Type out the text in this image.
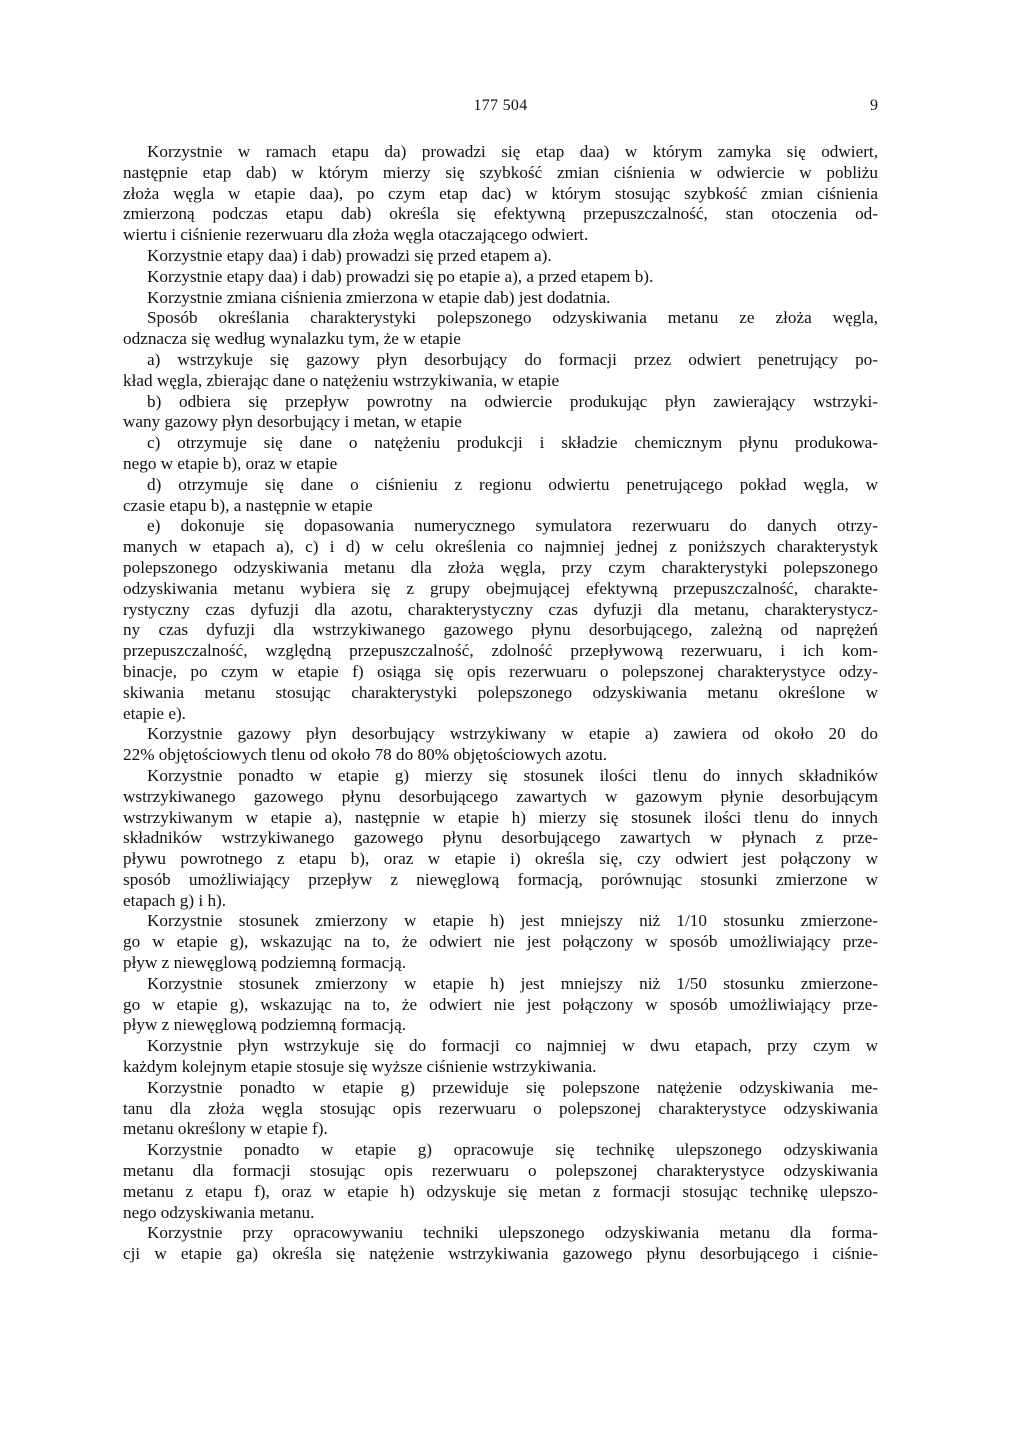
177 504	9
Korzystnie w ramach etapu da) prowadzi się etap daa) w którym zamyka się odwiert,
następnie etap dab) w którym mierzy się szybkość zmian ciśnienia w odwiercie w pobliżu
złoża węgla w etapie daa), po czym etap dac) w którym stosując szybkość zmian ciśnienia
zmierzoną podczas etapu dab) określa się efektywną przepuszczalność, stan otoczenia od-
wiertu i ciśnienie rezerwuaru dla złoża węgla otaczającego odwiert.
Korzystnie etapy daa) i dab) prowadzi się przed etapem a).
Korzystnie etapy daa) i dab) prowadzi się po etapie a), a przed etapem b).
Korzystnie zmiana ciśnienia zmierzona w etapie dab) jest dodatnia.
Sposób określania charakterystyki polepszonego odzyskiwania metanu ze złoża węgla,
odznacza się według wynalazku tym, że w etapie
a) wstrzykuje się gazowy płyn desorbujący do formacji przez odwiert penetrujący po-
kład węgla, zbierając dane o natężeniu wstrzykiwania, w etapie
b) odbiera się przepływ powrotny na odwiercie produkując płyn zawierający wstrzyki-
wany gazowy płyn desorbujący i metan, w etapie
c) otrzymuje się dane o natężeniu produkcji i składzie chemicznym płynu produkowa-
nego w etapie b), oraz w etapie
d) otrzymuje się dane o ciśnieniu z regionu odwiertu penetrującego pokład węgla, w
czasie etapu b), a następnie w etapie
e) dokonuje się dopasowania numerycznego symulatora rezerwuaru do danych otrzy-
manych w etapach a), c) i d) w celu określenia co najmniej jednej z poniższych charakterystyk
polepszonego odzyskiwania metanu dla złoża węgla, przy czym charakterystyki polepszonego
odzyskiwania metanu wybiera się z grupy obejmującej efektywną przepuszczalność, charakte-
rystyczny czas dyfuzji dla azotu, charakterystyczny czas dyfuzji dla metanu, charakterystycz-
ny czas dyfuzji dla wstrzykiwanego gazowego płynu desorbującego, zależną od naprężeń
przepuszczalność, względną przepuszczalność, zdolność przepływową rezerwuaru, i ich kom-
binacje, po czym w etapie f) osiąga się opis rezerwuaru o polepszonej charakterystyce odzy-
skiwania metanu stosując charakterystyki polepszonego odzyskiwania metanu określone w
etapie e).
Korzystnie gazowy płyn desorbujący wstrzykiwany w etapie a) zawiera od około 20 do
22% objętościowych tlenu od około 78 do 80% objętościowych azotu.
Korzystnie ponadto w etapie g) mierzy się stosunek ilości tlenu do innych składników
wstrzykiwanego gazowego płynu desorbującego zawartych w gazowym płynie desorbującym
wstrzykiwanym w etapie a), następnie w etapie h) mierzy się stosunek ilości tlenu do innych
składników wstrzykiwanego gazowego płynu desorbującego zawartych w płynach z prze-
pływu powrotnego z etapu b), oraz w etapie i) określa się, czy odwiert jest połączony w
sposób umożliwiający przepływ z niewęglową formacją, porównując stosunki zmierzone w
etapach g) i h).
Korzystnie stosunek zmierzony w etapie h) jest mniejszy niż 1/10 stosunku zmierzone-
go w etapie g), wskazując na to, że odwiert nie jest połączony w sposób umożliwiający prze-
pływ z niewęglową podziemną formacją.
Korzystnie stosunek zmierzony w etapie h) jest mniejszy niż 1/50 stosunku zmierzone-
go w etapie g), wskazując na to, że odwiert nie jest połączony w sposób umożliwiający prze-
pływ z niewęglową podziemną formacją.
Korzystnie płyn wstrzykuje się do formacji co najmniej w dwu etapach, przy czym w
każdym kolejnym etapie stosuje się wyższe ciśnienie wstrzykiwania.
Korzystnie ponadto w etapie g) przewiduje się polepszone natężenie odzyskiwania me-
tanu dla złoża węgla stosując opis rezerwuaru o polepszonej charakterystyce odzyskiwania
metanu określony w etapie f).
Korzystnie ponadto w etapie g) opracowuje się technikę ulepszonego odzyskiwania
metanu dla formacji stosując opis rezerwuaru o polepszonej charakterystyce odzyskiwania
metanu z etapu f), oraz w etapie h) odzyskuje się metan z formacji stosując technikę ulepszo-
nego odzyskiwania metanu.
Korzystnie przy opracowywaniu techniki ulepszonego odzyskiwania metanu dla forma-
cji w etapie ga) określa się natężenie wstrzykiwania gazowego płynu desorbującego i ciśnie-
